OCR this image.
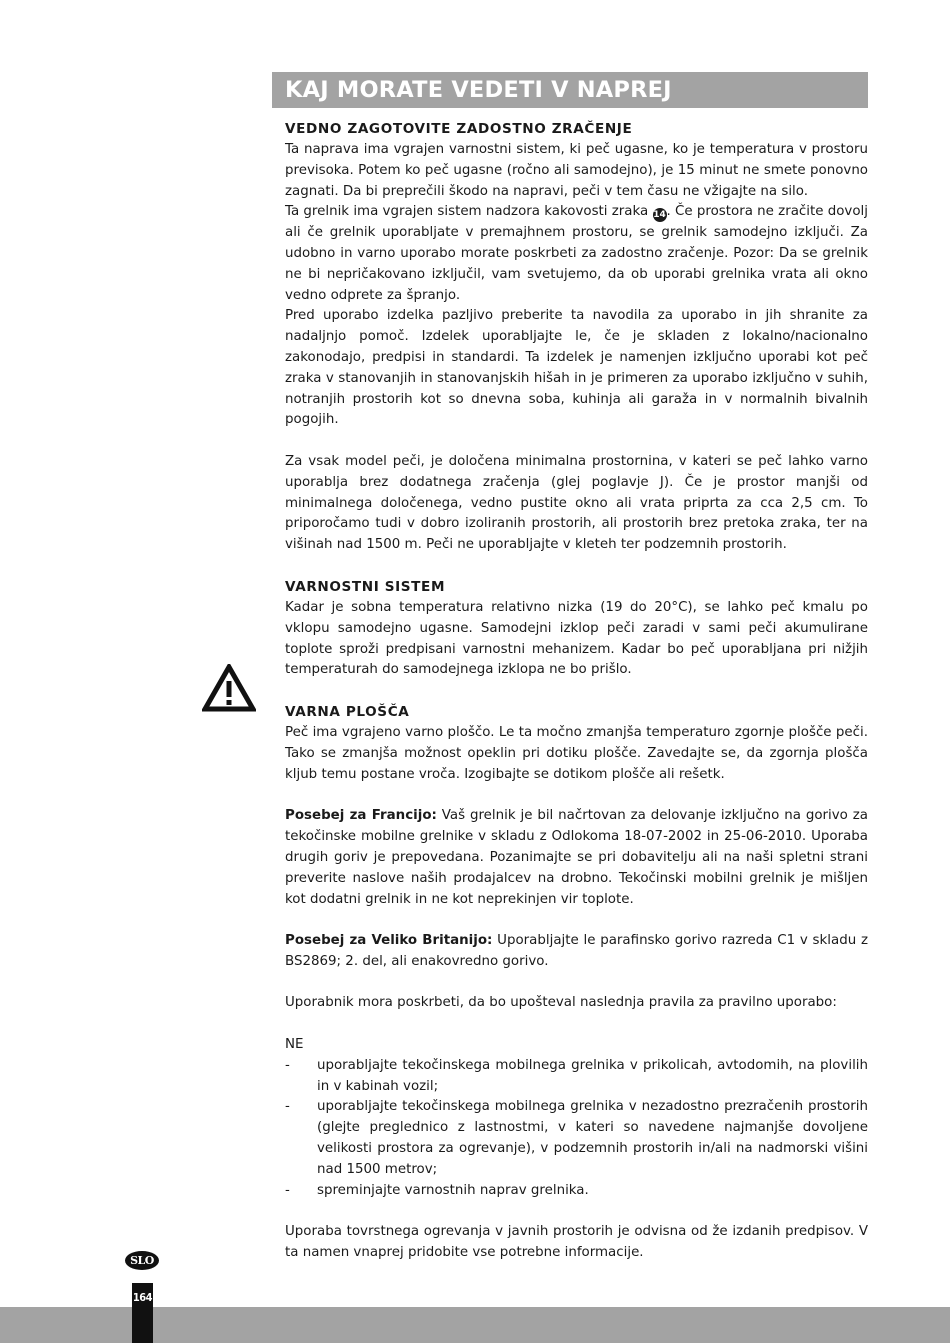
KAJ MORATE VEDETI V NAPREJ
VEDNO ZAGOTOVITE ZADOSTNO ZRAČENJE

Ta naprava ima vgrajen varnostni sistem, ki peč ugasne, ko je temperatura v prostoru previsoka. Potem ko peč ugasne (ročno ali samodejno), je 15 minut ne smete ponovno zagnati. Da bi preprečili škodo na napravi, peči v tem času ne vžigajte na silo.

Ta grelnik ima vgrajen sistem nadzora kakovosti zraka 14. Če prostora ne zračite dovolj ali če grelnik uporabljate v premajhnem prostoru, se grelnik samodejno izključi. Za udobno in varno uporabo morate poskrbeti za zadostno zračenje. Pozor: Da se grelnik ne bi nepričakovano izključil, vam svetujemo, da ob uporabi grelnika vrata ali okno vedno odprete za špranjo.

Pred uporabo izdelka pazljivo preberite ta navodila za uporabo in jih shranite za nadaljnjo pomoč. Izdelek uporabljajte le, če je skladen z lokalno/nacionalno zakonodajo, predpisi in standardi. Ta izdelek je namenjen izključno uporabi kot peč zraka v stanovanjih in stanovanjskih hišah in je primeren za uporabo izključno v suhih, notranjih prostorih kot so dnevna soba, kuhinja ali garaža in v normalnih bivalnih pogojih.

Za vsak model peči, je določena minimalna prostornina, v kateri se peč lahko varno uporablja brez dodatnega zračenja (glej poglavje J). Če je prostor manjši od minimalnega določenega, vedno pustite okno ali vrata priprta za cca 2,5 cm. To priporočamo tudi v dobro izoliranih prostorih, ali prostorih brez pretoka zraka, ter na višinah nad 1500 m. Peči ne uporabljajte v kleteh ter podzemnih prostorih.

VARNOSTNI SISTEM

Kadar je sobna temperatura relativno nizka (19 do 20°C), se lahko peč kmalu po vklopu samodejno ugasne. Samodejni izklop peči zaradi v sami peči akumulirane toplote sproži predpisani varnostni mehanizem. Kadar bo peč uporabljana pri nižjih temperaturah do samodejnega izklopa ne bo prišlo.

VARNA PLOŠČA

Peč ima vgrajeno varno ploščo. Le ta močno zmanjša temperaturo zgornje plošče peči. Tako se zmanjša možnost opeklin pri dotiku plošče. Zavedajte se, da zgornja plošča kljub temu postane vroča. Izogibajte se dotikom plošče ali rešetk.

Posebej za Francijo: Vaš grelnik je bil načrtovan za delovanje izključno na gorivo za tekočinske mobilne grelnike v skladu z Odlokoma 18-07-2002 in 25-06-2010. Uporaba drugih goriv je prepovedana. Pozanimajte se pri dobavitelju ali na naši spletni strani preverite naslove naših prodajalcev na drobno. Tekočinski mobilni grelnik je mišljen kot dodatni grelnik in ne kot neprekinjen vir toplote.

Posebej za Veliko Britanijo: Uporabljajte le parafinsko gorivo razreda C1 v skladu z BS2869; 2. del, ali enakovredno gorivo.

Uporabnik mora poskrbeti, da bo upošteval naslednja pravila za pravilno uporabo:

NE

- uporabljajte tekočinskega mobilnega grelnika v prikolicah, avtodomih, na plovilih in v kabinah vozil;
- uporabljajte tekočinskega mobilnega grelnika v nezadostno prezračenih prostorih (glejte preglednico z lastnostmi, v kateri so navedene najmanjše dovoljene velikosti prostora za ogrevanje), v podzemnih prostorih in/ali na nadmorski višini nad 1500 metrov;
- spreminjajte varnostnih naprav grelnika.

Uporaba tovrstnega ogrevanja v javnih prostorih je odvisna od že izdanih predpisov. V ta namen vnaprej pridobite vse potrebne informacije.

SLO
164
